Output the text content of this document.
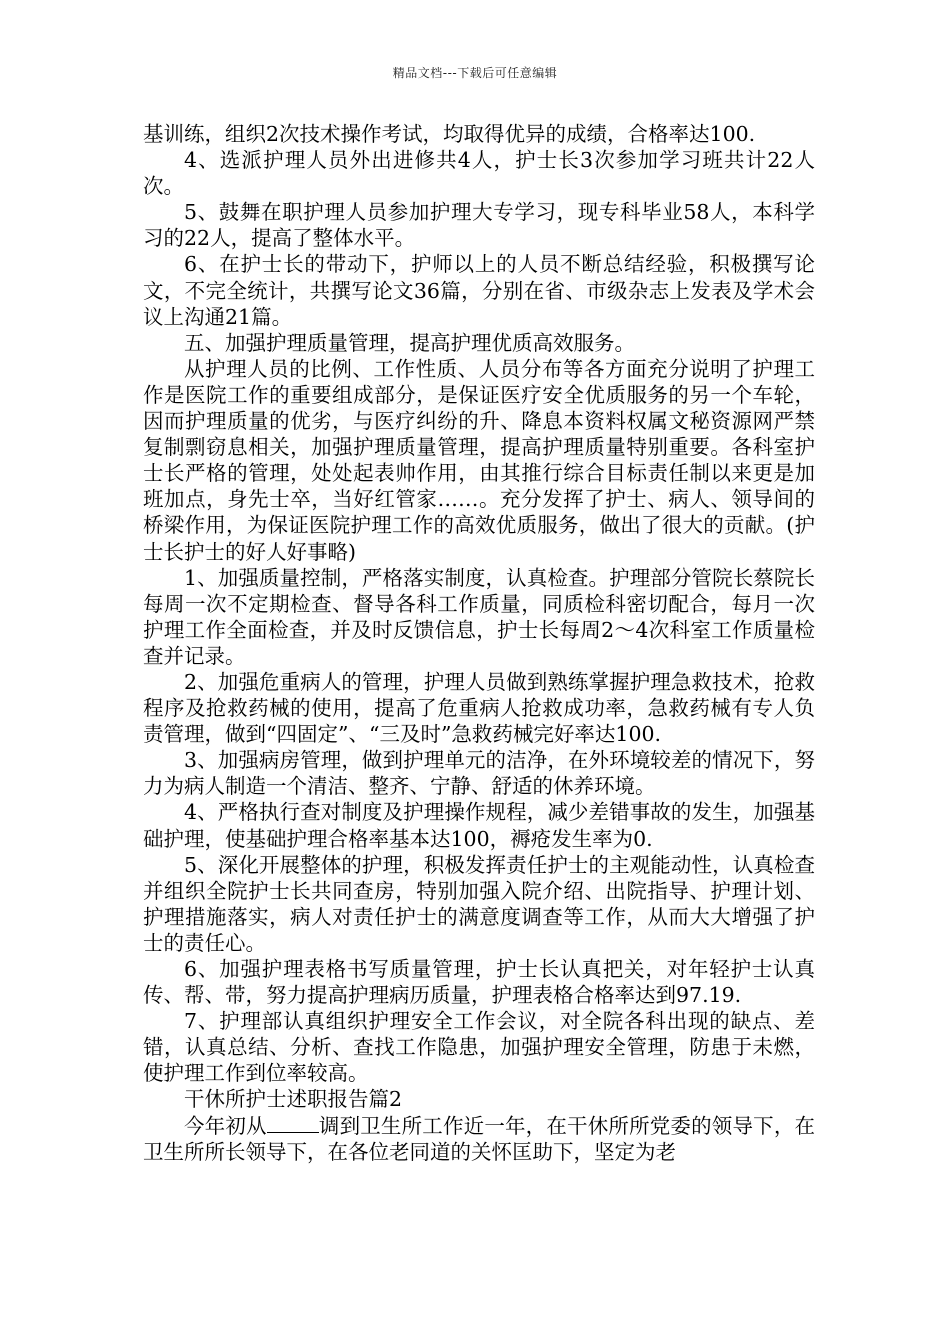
精品文档---下载后可任意编辑

基训练，组织2次技术操作考试，均取得优异的成绩，合格率达100.

4、选派护理人员外出进修共4人，护士长3次参加学习班共计22人次。

5、鼓舞在职护理人员参加护理大专学习，现专科毕业58人，本科学习的22人，提高了整体水平。

6、在护士长的带动下，护师以上的人员不断总结经验，积极撰写论文，不完全统计，共撰写论文36篇，分别在省、市级杂志上发表及学术会议上沟通21篇。

五、加强护理质量管理，提高护理优质高效服务。

从护理人员的比例、工作性质、人员分布等各方面充分说明了护理工作是医院工作的重要组成部分，是保证医疗安全优质服务的另一个车轮，因而护理质量的优劣，与医疗纠纷的升、降息本资料权属文秘资源网严禁复制剽窃息相关，加强护理质量管理，提高护理质量特别重要。各科室护士长严格的管理，处处起表帅作用，由其推行综合目标责任制以来更是加班加点，身先士卒，当好红管家……。充分发挥了护士、病人、领导间的桥梁作用，为保证医院护理工作的高效优质服务，做出了很大的贡献。(护士长护士的好人好事略)

1、加强质量控制，严格落实制度，认真检查。护理部分管院长蔡院长每周一次不定期检查、督导各科工作质量，同质检科密切配合，每月一次护理工作全面检查，并及时反馈信息，护士长每周2～4次科室工作质量检查并记录。

2、加强危重病人的管理，护理人员做到熟练掌握护理急救技术，抢救程序及抢救药械的使用，提高了危重病人抢救成功率，急救药械有专人负责管理，做到“四固定”、“三及时”急救药械完好率达100.

3、加强病房管理，做到护理单元的洁净，在外环境较差的情况下，努力为病人制造一个清洁、整齐、宁静、舒适的休养环境。

4、严格执行查对制度及护理操作规程，减少差错事故的发生，加强基础护理，使基础护理合格率基本达100，褥疮发生率为0.

5、深化开展整体的护理，积极发挥责任护士的主观能动性，认真检查并组织全院护士长共同查房，特别加强入院介绍、出院指导、护理计划、护理措施落实，病人对责任护士的满意度调查等工作，从而大大增强了护士的责任心。

6、加强护理表格书写质量管理，护士长认真把关，对年轻护士认真传、帮、带，努力提高护理病历质量，护理表格合格率达到97.19.

7、护理部认真组织护理安全工作会议，对全院各科出现的缺点、差错，认真总结、分析、查找工作隐患，加强护理安全管理，防患于未燃，使护理工作到位率较高。

干休所护士述职报告篇2

今年初从	调到卫生所工作近一年，在干休所所党委的领导下，在卫生所所长领导下，在各位老同道的关怀匡助下，坚定为老
